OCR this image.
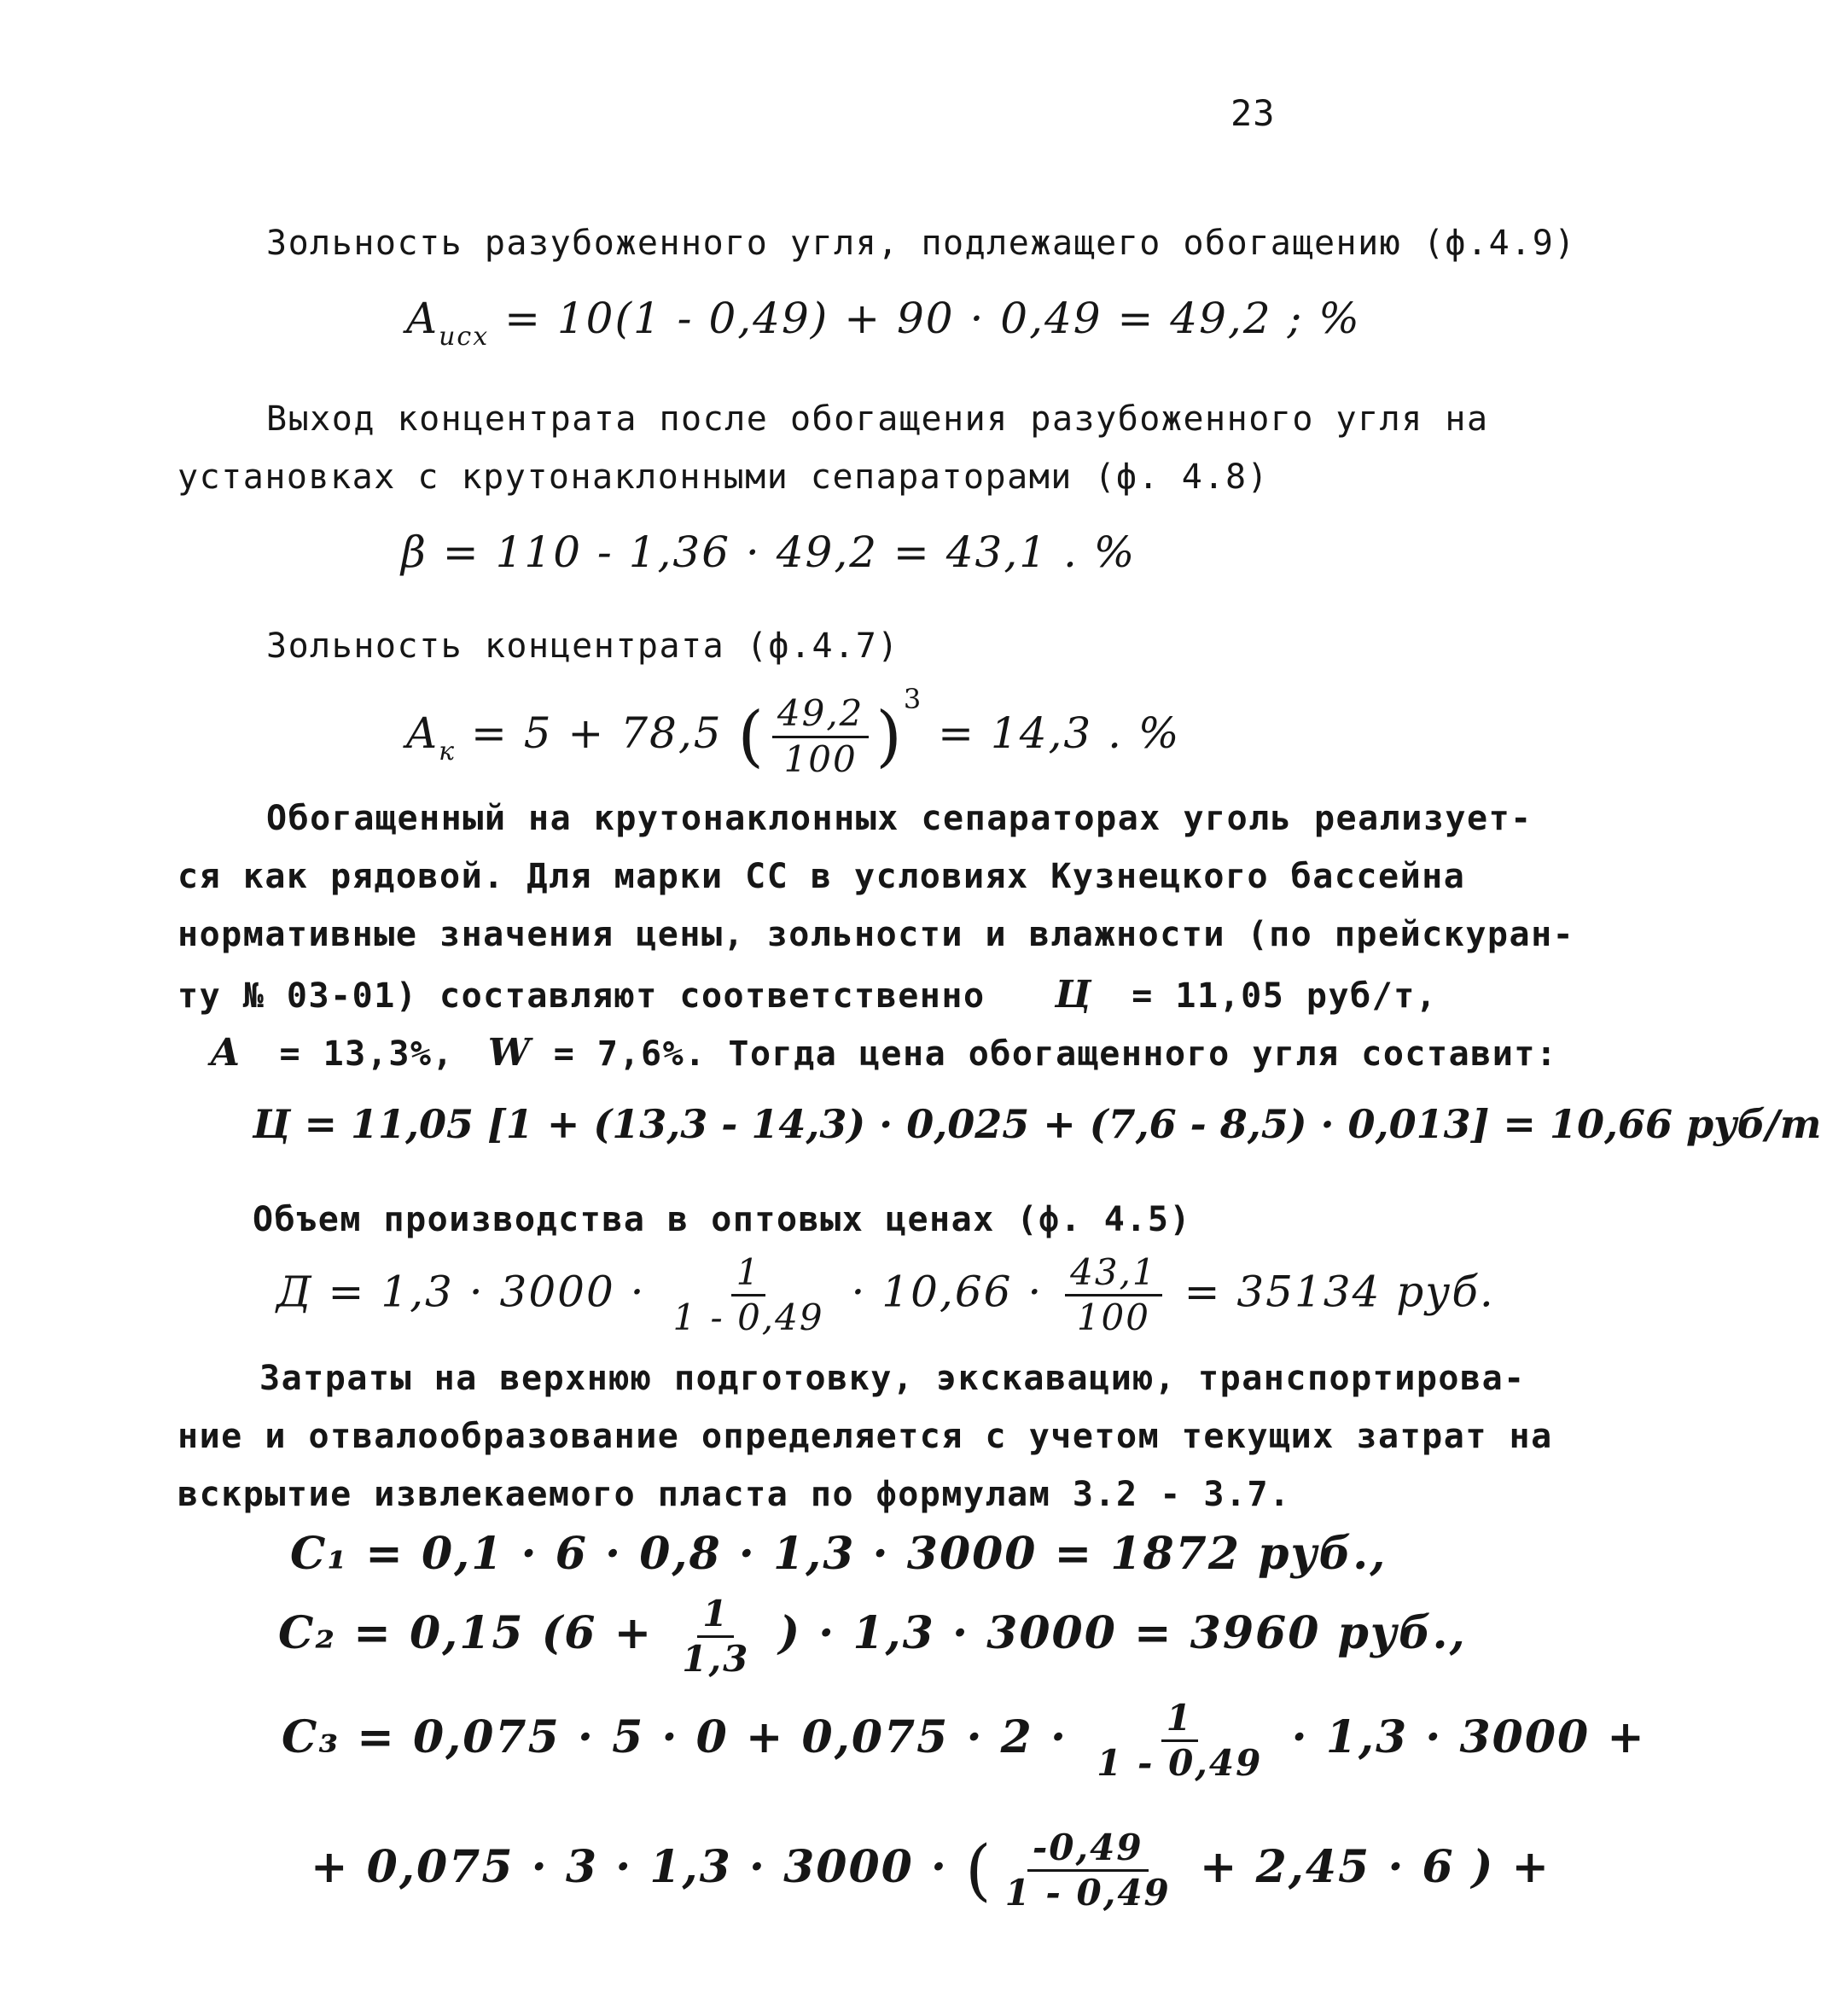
23
Зольность разубоженного угля, подлежащего обогащению (ф.4.9)
$A_{исх} = 10(1 - 0,49) + 90 \cdot 0,49 = 49,2$ ; %
Выход концентрата после обогащения разубоженного угля на
установках с крутонаклонными сепараторами (ф. 4.8)
β = 110 - 1,36 · 49,2 = 43,1 . %
Зольность концентрата (ф.4.7)
$A_к = 5 + 78,5$ ( $\frac{49,2}{100} )^3 = 14,3$ . %
Обогащенный на крутонаклонных сепараторах уголь реализует-
ся как рядовой. Для марки СС в условиях Кузнецкого бассейна
нормативные значения цены, зольности и влажности (по прейскуран-
ту № 03-01) составляют соответственно Ц = 11,05 руб/т,
А = 13,3%, W = 7,6%. Тогда цена обогащенного угля составит:
Ц = 11,05 [1 + (13,3 - 14,3) · 0,025 + (7,6 - 8,5) · 0,013] = 10,66 руб/т
Объем производства в оптовых ценах (ф. 4.5)
$Д = 1,3 \cdot 3000 \cdot \frac{1}{1 - 0,49} \cdot 10,66 \cdot \frac{43,1}{100} = 35134$ руб.
Затраты на верхнюю подготовку, экскавацию, транспортирова-
ние и отвалообразование определяется с учетом текущих затрат на
вскрытие извлекаемого пласта по формулам 3.2 - 3.7.
C₁ = 0,1 · 6 · 0,8 · 1,3 · 3000 = 1872 руб.,
C₂ = 0,15 ($6 + \frac{1}{1,3}$ ) · 1,3 · 3000 = 3960 руб.,
$C_3 = 0,075 \cdot 5 \cdot 0 + 0,075 \cdot 2 \cdot \frac{1}{1 - 0,49} \cdot 1,3 \cdot 3000$ +
+ 0,075 · 3 · 1,3 · 3000 · ( $\frac{-0,49}{1 - 0,49} + 2,45 \cdot 6$ ) +
